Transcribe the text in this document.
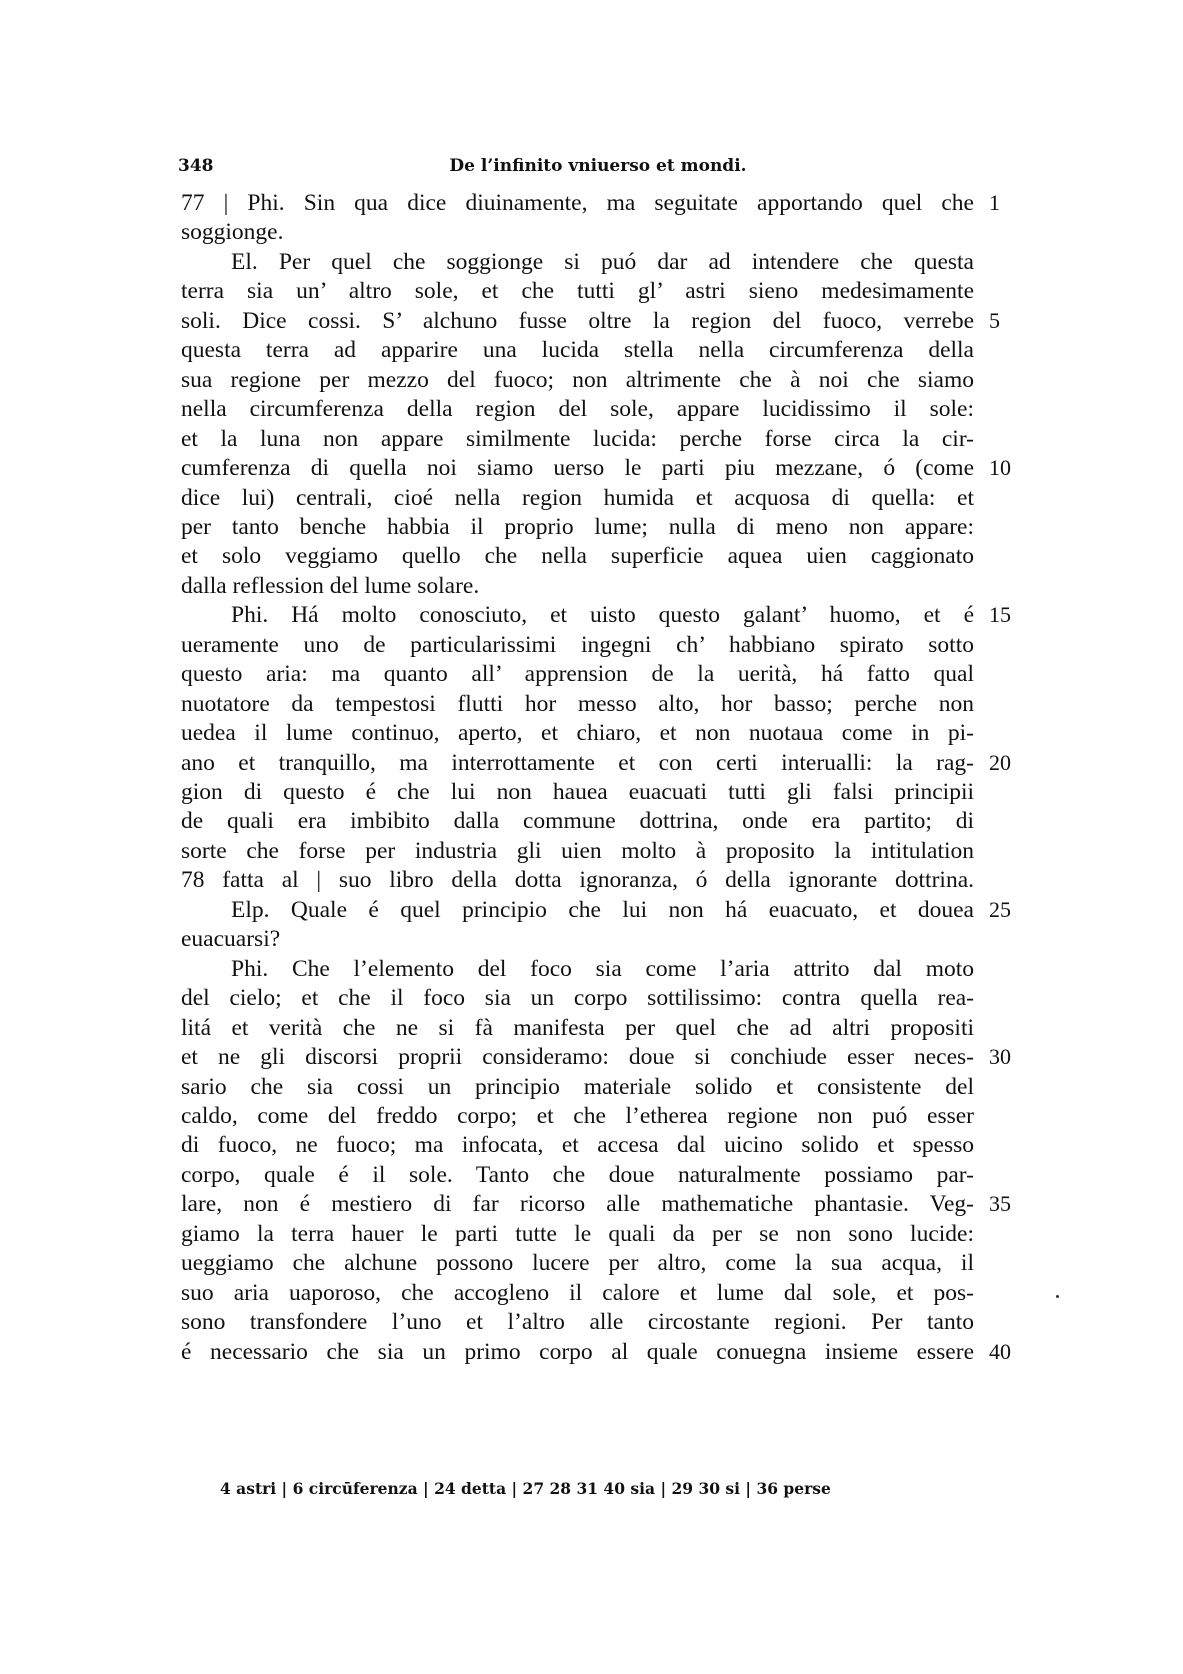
348	De l’infinito vniuerso et mondi.
77 | Phi. Sin qua dice diuinamente, ma seguitate apportando quel che 1
soggionge.
El. Per quel che soggionge si puó dar ad intendere che questa
terra sia un’ altro sole, et che tutti gl’ astri sieno medesimamente
soli. Dice cossi. S’ alchuno fusse oltre la region del fuoco, verrebe 5
questa terra ad apparire una lucida stella nella circumferenza della
sua regione per mezzo del fuoco; non altrimente che à noi che siamo
nella circumferenza della region del sole, appare lucidissimo il sole:
et la luna non appare similmente lucida: perche forse circa la cir-
cumferenza di quella noi siamo uerso le parti piu mezzane, ó (come 10
dice lui) centrali, cioé nella region humida et acquosa di quella: et
per tanto benche habbia il proprio lume; nulla di meno non appare:
et solo veggiamo quello che nella superficie aquea uien caggionato
dalla reflession del lume solare.
Phi. Há molto conosciuto, et uisto questo galant’ huomo, et é 15
ueramente uno de particularissimi ingegni ch’ habbiano spirato sotto
questo aria: ma quanto all’ apprension de la uerità, há fatto qual
nuotatore da tempestosi flutti hor messo alto, hor basso; perche non
uedea il lume continuo, aperto, et chiaro, et non nuotaua come in pi-
ano et tranquillo, ma interrottamente et con certi interualli: la rag- 20
gion di questo é che lui non hauea euacuati tutti gli falsi principii
de quali era imbibito dalla commune dottrina, onde era partito; di
sorte che forse per industria gli uien molto à proposito la intitulation
78 fatta al | suo libro della dotta ignoranza, ó della ignorante dottrina.
Elp. Quale é quel principio che lui non há euacuato, et douea 25
euacuarsi?
Phi. Che l’elemento del foco sia come l’aria attrito dal moto
del cielo; et che il foco sia un corpo sottilissimo: contra quella rea-
litá et verità che ne si fà manifesta per quel che ad altri propositi
et ne gli discorsi proprii consideramo: doue si conchiude esser neces- 30
sario che sia cossi un principio materiale solido et consistente del
caldo, come del freddo corpo; et che l’etherea regione non puó esser
di fuoco, ne fuoco; ma infocata, et accesa dal uicino solido et spesso
corpo, quale é il sole. Tanto che doue naturalmente possiamo par-
lare, non é mestiero di far ricorso alle mathematiche phantasie. Veg- 35
giamo la terra hauer le parti tutte le quali da per se non sono lucide:
ueggiamo che alchune possono lucere per altro, come la sua acqua, il
suo aria uaporoso, che accogleno il calore et lume dal sole, et pos-
sono transfondere l’uno et l’altro alle circostante regioni. Per tanto
é necessario che sia un primo corpo al quale conuegna insieme essere 40
4 astri | 6 circūferenza | 24 detta | 27 28 31 40 sia | 29 30 si | 36 perse
